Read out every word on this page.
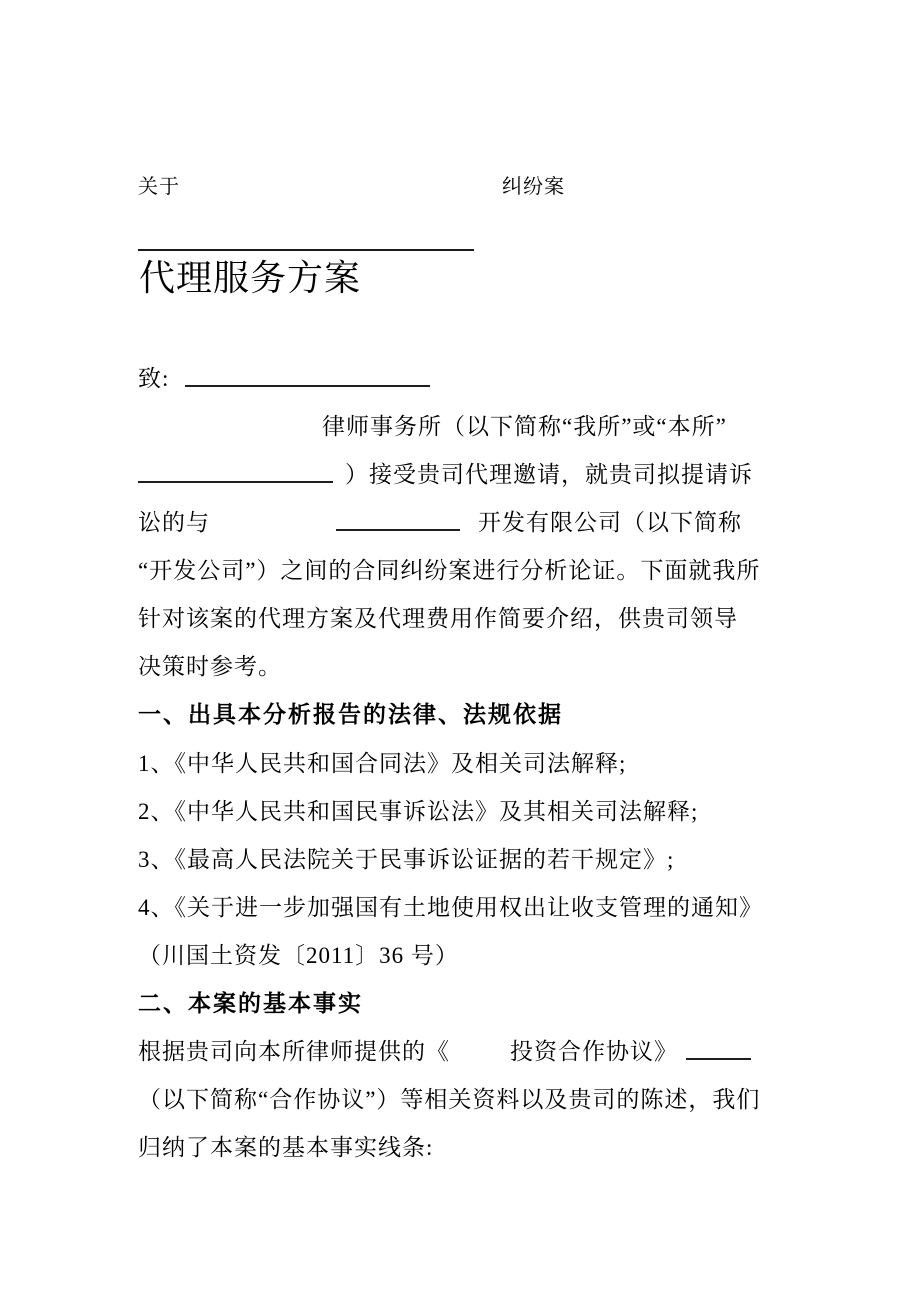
关于	纠纷案
代理服务方案
致:
律师事务所（以下简称“我所”或“本所”
）接受贵司代理邀请，就贵司拟提请诉
讼的与	开发有限公司（以下简称
“开发公司”）之间的合同纠纷案进行分析论证。下面就我所
针对该案的代理方案及代理费用作简要介绍，供贵司领导
决策时参考。
一、出具本分析报告的法律、法规依据
1、《中华人民共和国合同法》及相关司法解释;
2、《中华人民共和国民事诉讼法》及其相关司法解释;
3、《最高人民法院关于民事诉讼证据的若干规定》;
4、《关于进一步加强国有土地使用权出让收支管理的通知》
（川国土资发〔2011〕36 号）
二、本案的基本事实
根据贵司向本所律师提供的《	投资合作协议》
（以下简称“合作协议”）等相关资料以及贵司的陈述，我们
归纳了本案的基本事实线条:
